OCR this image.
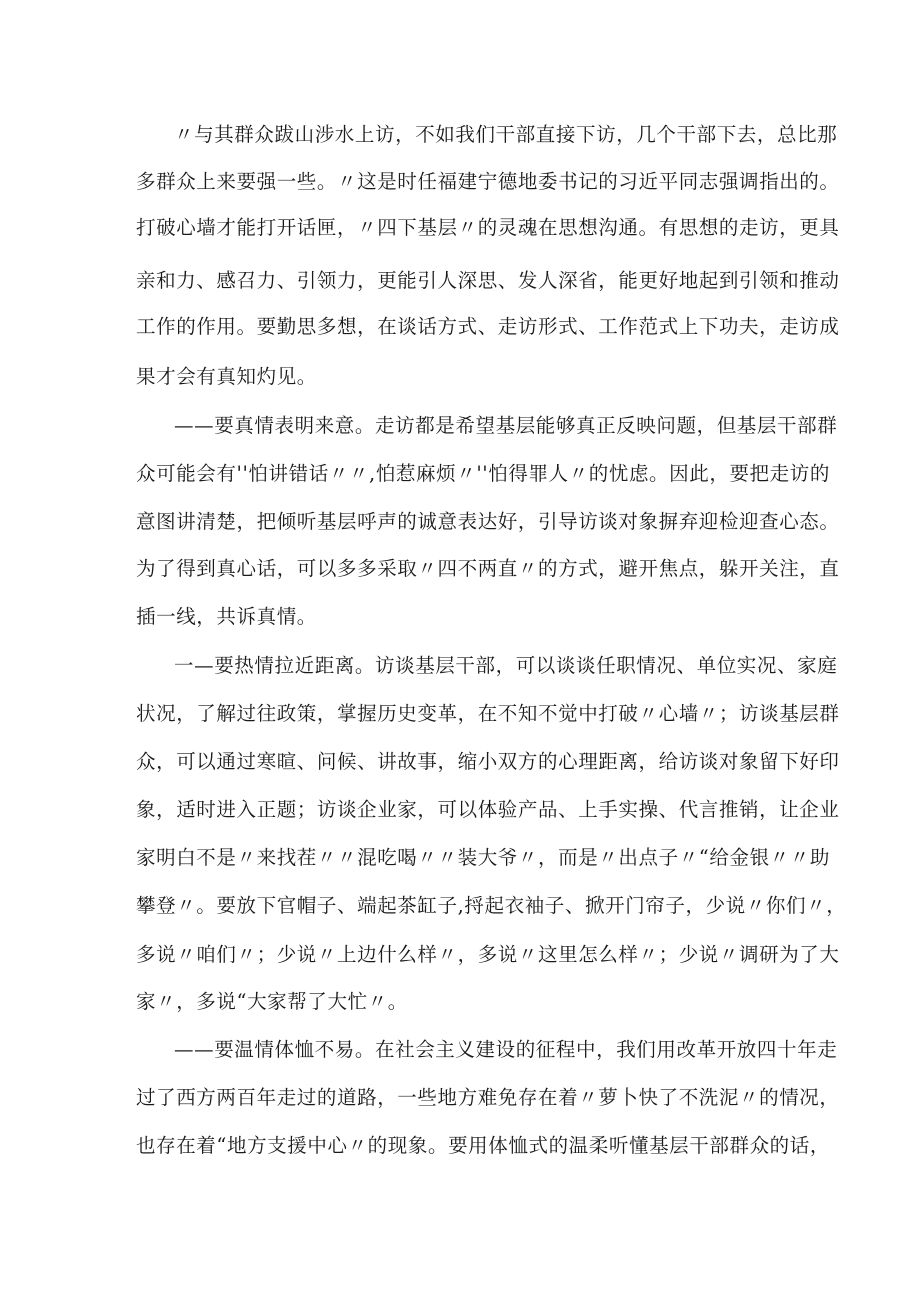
〃与其群众跋山涉水上访，不如我们干部直接下访，几个干部下去，总比那
多群众上来要强一些。〃这是时任福建宁德地委书记的习近平同志强调指出的。
打破心墙才能打开话匣，〃四下基层〃的灵魂在思想沟通。有思想的走访，更具
亲和力、感召力、引领力，更能引人深思、发人深省，能更好地起到引领和推动
工作的作用。要勤思多想，在谈话方式、走访形式、工作范式上下功夫，走访成
果才会有真知灼见。
——要真情表明来意。走访都是希望基层能够真正反映问题，但基层干部群
众可能会有''怕讲错话〃〃,怕惹麻烦〃''怕得罪人〃的忧虑。因此，要把走访的
意图讲清楚，把倾听基层呼声的诚意表达好，引导访谈对象摒弃迎检迎查心态。
为了得到真心话，可以多多采取〃四不两直〃的方式，避开焦点，躲开关注，直
插一线，共诉真情。
一—要热情拉近距离。访谈基层干部，可以谈谈任职情况、单位实况、家庭
状况，了解过往政策，掌握历史变革，在不知不觉中打破〃心墙〃；访谈基层群
众，可以通过寒暄、问候、讲故事，缩小双方的心理距离，给访谈对象留下好印
象，适时进入正题；访谈企业家，可以体验产品、上手实操、代言推销，让企业
家明白不是〃来找茬〃〃混吃喝〃〃装大爷〃，而是〃出点子〃“给金银〃〃助
攀登〃。要放下官帽子、端起茶缸子,捋起衣袖子、掀开门帘子，少说〃你们〃，
多说〃咱们〃；少说〃上边什么样〃，多说〃这里怎么样〃；少说〃调研为了大
家〃，多说“大家帮了大忙〃。
——要温情体恤不易。在社会主义建设的征程中，我们用改革开放四十年走
过了西方两百年走过的道路，一些地方难免存在着〃萝卜快了不洗泥〃的情况，
也存在着“地方支援中心〃的现象。要用体恤式的温柔听懂基层干部群众的话，
